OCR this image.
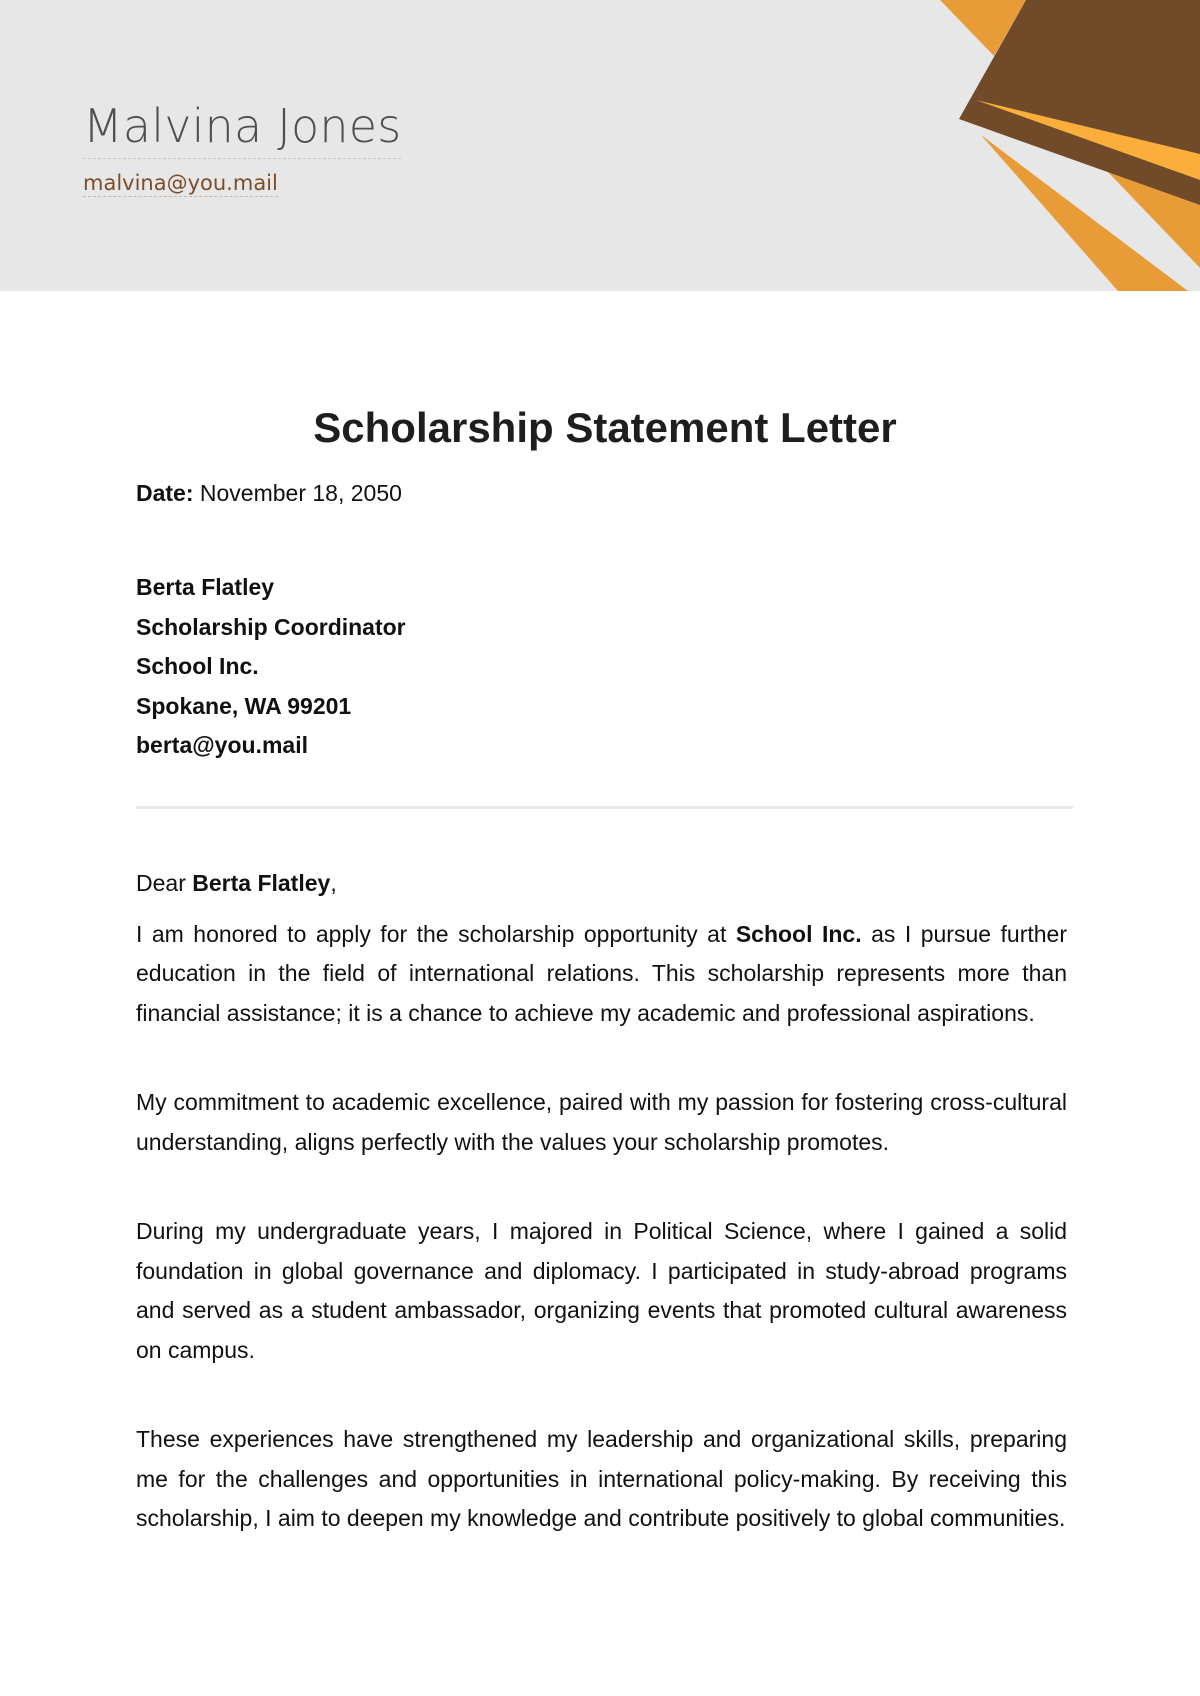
Malvina Jones
malvina@you.mail
Scholarship Statement Letter
Date: November 18, 2050
Berta Flatley
Scholarship Coordinator
School Inc.
Spokane, WA 99201
berta@you.mail

Dear Berta Flatley,

I am honored to apply for the scholarship opportunity at School Inc. as I pursue further education in the field of international relations. This scholarship represents more than financial assistance; it is a chance to achieve my academic and professional aspirations.

My commitment to academic excellence, paired with my passion for fostering cross-cultural understanding, aligns perfectly with the values your scholarship promotes.

During my undergraduate years, I majored in Political Science, where I gained a solid foundation in global governance and diplomacy. I participated in study-abroad programs and served as a student ambassador, organizing events that promoted cultural awareness on campus.

These experiences have strengthened my leadership and organizational skills, preparing me for the challenges and opportunities in international policy-making. By receiving this scholarship, I aim to deepen my knowledge and contribute positively to global communities.
